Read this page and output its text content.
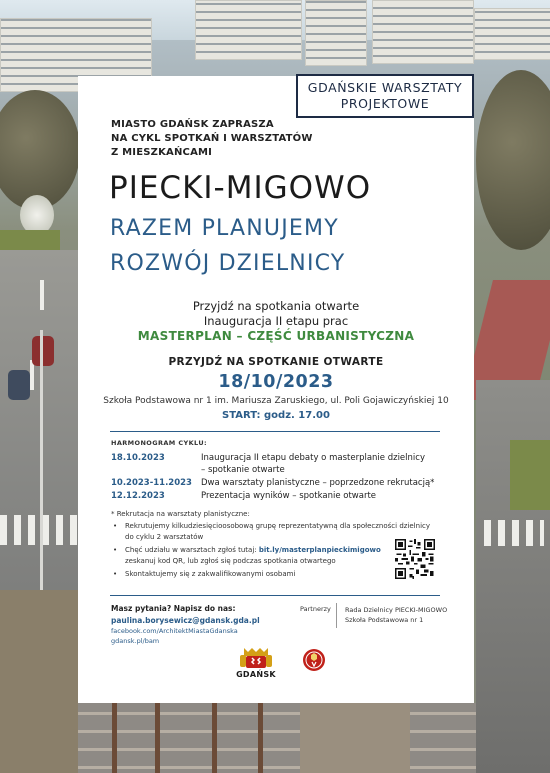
GDAŃSKIE WARSZTATY
PROJEKTOWE
MIASTO GDAŃSK ZAPRASZA
NA CYKL SPOTKAŃ I WARSZTATÓW
Z MIESZKAŃCAMI
PIECKI-MIGOWO
RAZEM PLANUJEMY
ROZWÓJ DZIELNICY
Przyjdź na spotkania otwarte
Inauguracja II etapu prac
MASTERPLAN – CZĘŚĆ URBANISTYCZNA
PRZYJDŹ NA SPOTKANIE OTWARTE
18/10/2023
Szkoła Podstawowa nr 1 im. Mariusza Zaruskiego, ul. Poli Gojawiczyńskiej 10
START: godz. 17.00
HARMONOGRAM CYKLU:
18.10.2023	Inauguracja II etapu debaty o masterplanie dzielnicy
– spotkanie otwarte
10.2023-11.2023 Dwa warsztaty planistyczne – poprzedzone rekrutacją*
12.12.2023	Prezentacja wyników – spotkanie otwarte
* Rekrutacja na warsztaty planistyczne:
• Rekrutujemy kilkudziesięcioosobową grupę reprezentatywną dla społeczności dzielnicy
do cyklu 2 warsztatów
• Chęć udziału w warsztach zgłoś tutaj: bit.ly/masterplanpieckimigowo
zeskanuj kod QR, lub zgłoś się podczas spotkania otwartego
• Skontaktujemy się z zakwalifikowanymi osobami
Masz pytania? Napisz do nas:
paulina.borysewicz@gdansk.gda.pl
facebook.com/ArchitektMiastaGdanska
gdansk.pl/bam
Partnerzy Rada Dzielnicy PIECKI-MIGOWO
Szkoła Podstawowa nr 1
GDAŃSK
